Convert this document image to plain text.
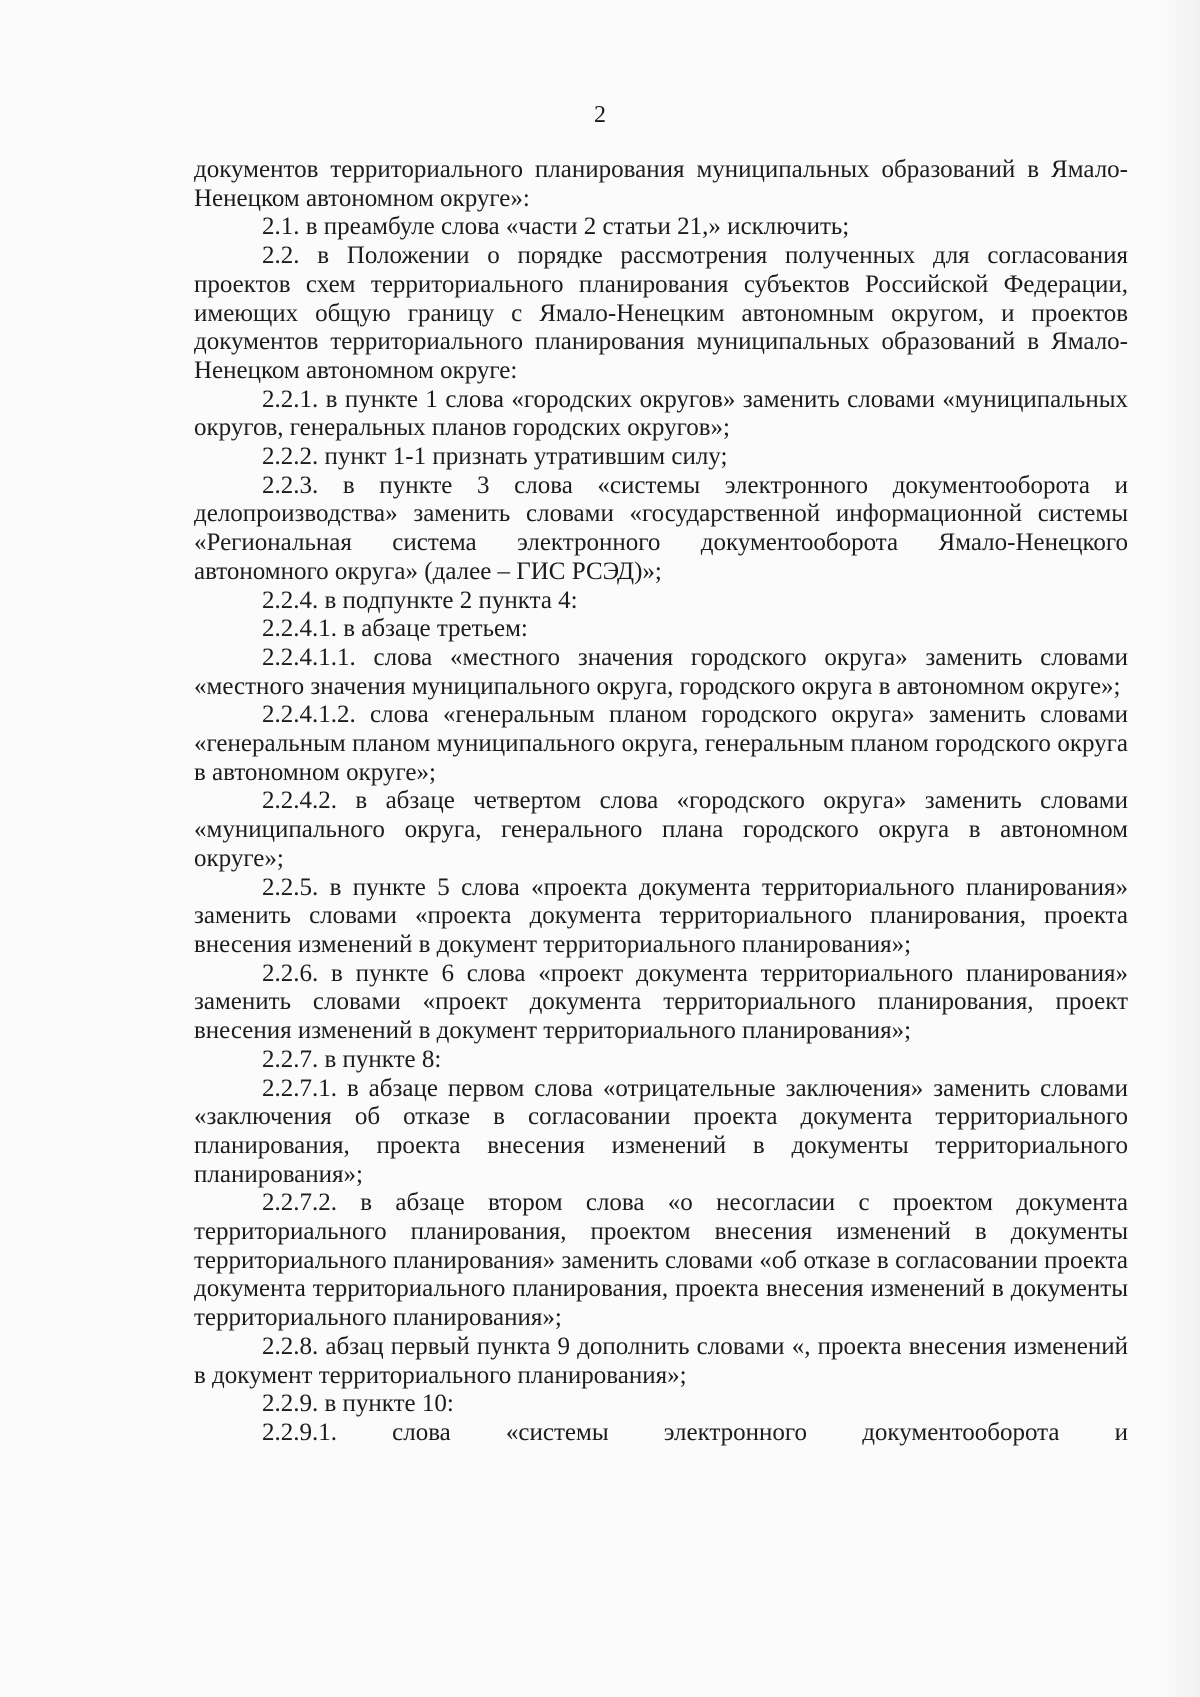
2

документов территориального планирования муниципальных образований в Ямало-Ненецком автономном округе»:

2.1. в преамбуле слова «части 2 статьи 21,» исключить;

2.2. в Положении о порядке рассмотрения полученных для согласования проектов схем территориального планирования субъектов Российской Федерации, имеющих общую границу с Ямало-Ненецким автономным округом, и проектов документов территориального планирования муниципальных образований в Ямало-Ненецком автономном округе:

2.2.1. в пункте 1 слова «городских округов» заменить словами «муниципальных округов, генеральных планов городских округов»;

2.2.2. пункт 1-1 признать утратившим силу;

2.2.3. в пункте 3 слова «системы электронного документооборота и делопроизводства» заменить словами «государственной информационной системы «Региональная система электронного документооборота Ямало-Ненецкого автономного округа» (далее – ГИС РСЭД)»;

2.2.4. в подпункте 2 пункта 4:

2.2.4.1. в абзаце третьем:

2.2.4.1.1. слова «местного значения городского округа» заменить словами «местного значения муниципального округа, городского округа в автономном округе»;

2.2.4.1.2. слова «генеральным планом городского округа» заменить словами «генеральным планом муниципального округа, генеральным планом городского округа в автономном округе»;

2.2.4.2. в абзаце четвертом слова «городского округа» заменить словами «муниципального округа, генерального плана городского округа в автономном округе»;

2.2.5. в пункте 5 слова «проекта документа территориального планирования» заменить словами «проекта документа территориального планирования, проекта внесения изменений в документ территориального планирования»;

2.2.6. в пункте 6 слова «проект документа территориального планирования» заменить словами «проект документа территориального планирования, проект внесения изменений в документ территориального планирования»;

2.2.7. в пункте 8:

2.2.7.1. в абзаце первом слова «отрицательные заключения» заменить словами «заключения об отказе в согласовании проекта документа территориального планирования, проекта внесения изменений в документы территориального планирования»;

2.2.7.2. в абзаце втором слова «о несогласии с проектом документа территориального планирования, проектом внесения изменений в документы территориального планирования» заменить словами «об отказе в согласовании проекта документа территориального планирования, проекта внесения изменений в документы территориального планирования»;

2.2.8. абзац первый пункта 9 дополнить словами «, проекта внесения изменений в документ территориального планирования»;

2.2.9. в пункте 10:

2.2.9.1. слова «системы электронного документооборота и
